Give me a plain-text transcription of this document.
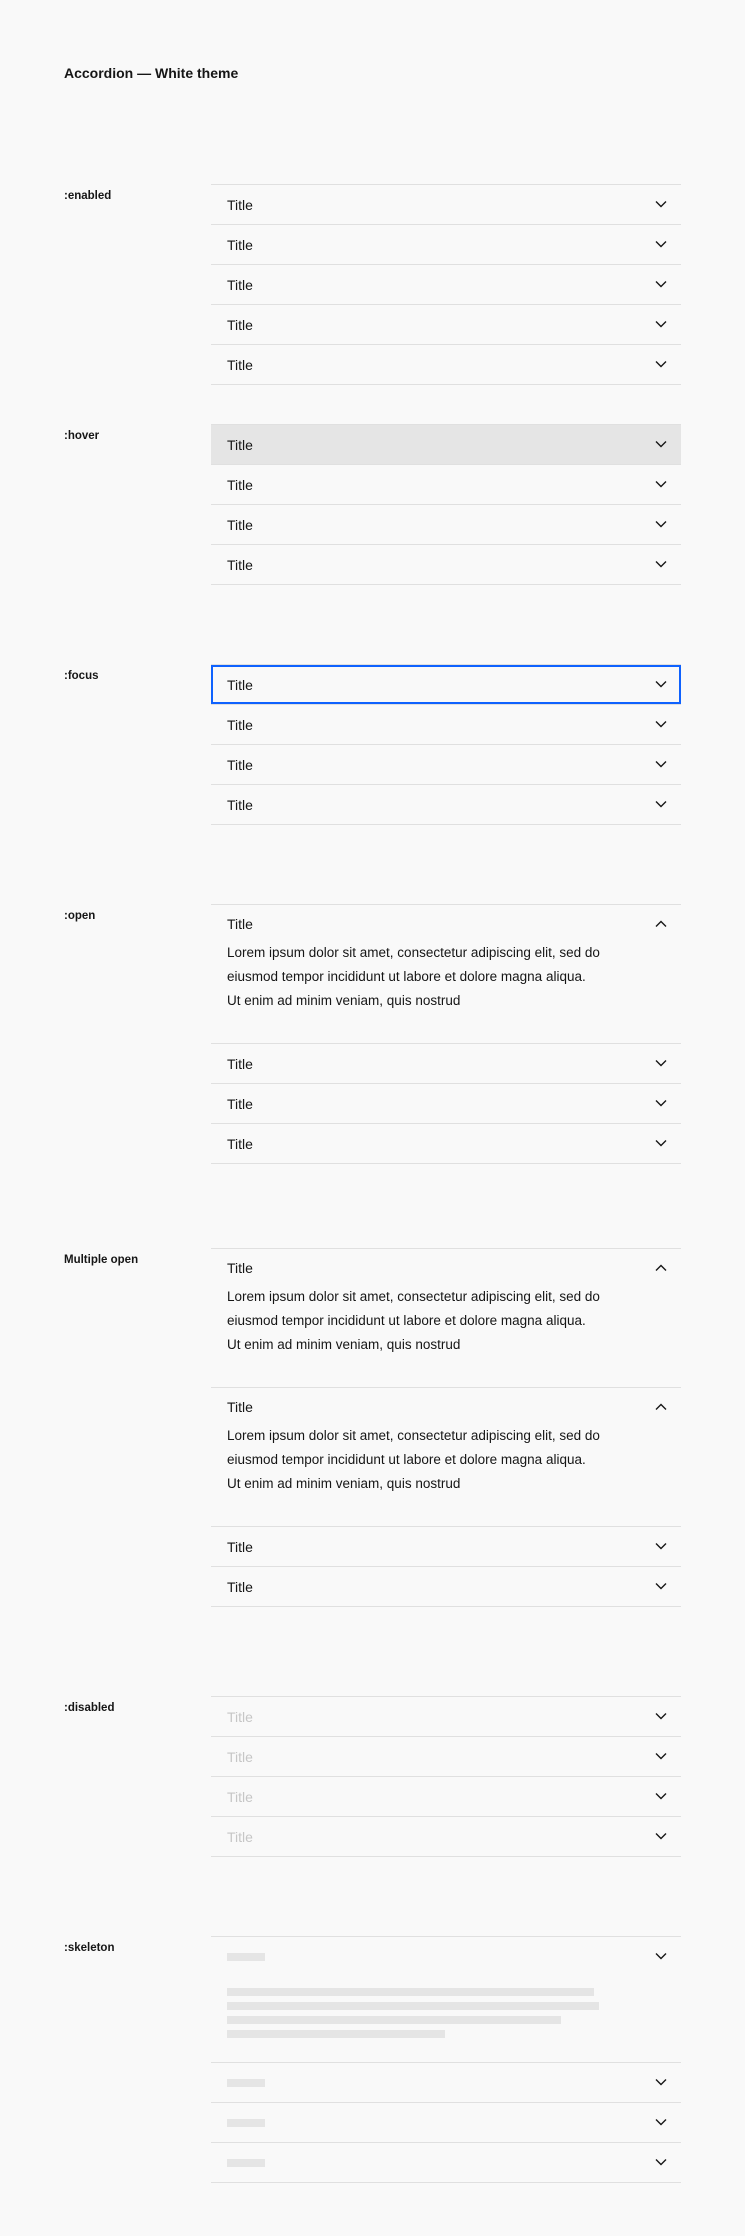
Accordion — White theme
:enabled
Title
Title
Title
Title
Title
:hover
Title
Title
Title
Title
:focus
Title
Title
Title
Title
:open	Title
Lorem ipsum dolor sit amet, consectetur adipiscing elit, sed do eiusmod tempor incididunt ut labore et dolore magna aliqua. Ut enim ad minim veniam, quis nostrud
Title
Title
Title
Multiple open	Title
Lorem ipsum dolor sit amet, consectetur adipiscing elit, sed do eiusmod tempor incididunt ut labore et dolore magna aliqua. Ut enim ad minim veniam, quis nostrud
Title
Lorem ipsum dolor sit amet, consectetur adipiscing elit, sed do eiusmod tempor incididunt ut labore et dolore magna aliqua. Ut enim ad minim veniam, quis nostrud
Title
Title
:disabled
Title
Title
Title
Title
:skeleton
